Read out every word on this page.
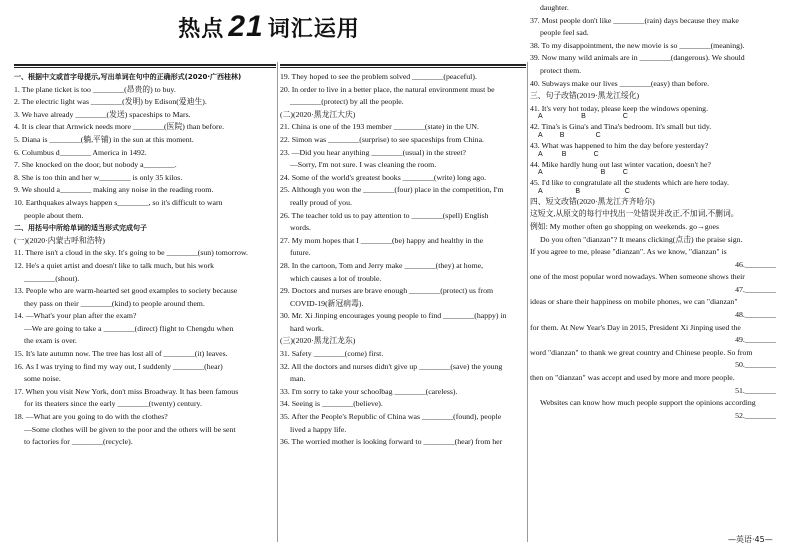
一、根据中文或首字母提示,写出单词在句中的正确形式(2020·广西桂林)
1. The plane ticket is too ________(昂贵的) to buy.
2. The electric light was ________(发明) by Edison(爱迪生).
3. We have already ________(发送) spaceships to Mars.
4. It is clear that Arnwick needs more ________(医院) than before.
5. Diana is ________(躺,平铺) in the sun at this moment.
6. Columbus d________ America in 1492.
7. She knocked on the door, but nobody a________.
8. She is too thin and her w________ is only 35 kilos.
9. We should a________ making any noise in the reading room.
10. Earthquakes always happen s________, so it's difficult to warn
people about them.
二、用括号中所给单词的适当形式完成句子
(一)(2020·内蒙古呼和浩特)
11. There isn't a cloud in the sky. It's going to be ________(sun) tomorrow.
12. He's a quiet artist and doesn't like to talk much, but his work
________(shout).
13. People who are warm-hearted set good examples to society because
they pass on their ________(kind) to people around them.
14. —What's your plan after the exam?
—We are going to take a ________(direct) flight to Chengdu when
the exam is over.
15. It's late autumn now. The tree has lost all of ________(it) leaves.
16. As I was trying to find my way out, I suddenly ________(hear)
some noise.
17. When you visit New York, don't miss Broadway. It has been famous
for its theaters since the early ________(twenty) century.
18. —What are you going to do with the clothes?
—Some clothes will be given to the poor and the others will be sent
to factories for ________(recycle).
19. They hoped to see the problem solved ________(peaceful).
20. In order to live in a better place, the natural environment must be
________(protect) by all the people.
(二)(2020·黑龙江大庆)
21. China is one of the 193 member ________(state) in the UN.
22. Simon was ________(surprise) to see spaceships from China.
23. —Did you hear anything ________(usual) in the street?
—Sorry, I'm not sure. I was cleaning the room.
24. Some of the world's greatest books ________(write) long ago.
25. Although you won the ________(four) place in the competition, I'm
really proud of you.
26. The teacher told us to pay attention to ________(spell) English
words.
27. My mom hopes that I ________(be) happy and healthy in the
future.
28. In the cartoon, Tom and Jerry make ________(they) at home,
which causes a lot of trouble.
29. Doctors and nurses are brave enough ________(protect) us from
COVID-19(新冠病毒).
30. Mr. Xi Jinping encourages young people to find ________(happy) in
hard work.
(三)(2020·黑龙江龙东)
31. Safety ________(come) first.
32. All the doctors and nurses didn't give up ________(save) the young
man.
33. I'm sorry to take your schoolbag ________(careless).
34. Seeing is ________(believe).
35. After the People's Republic of China was ________(found), people
lived a happy life.
36. The worried mother is looking forward to ________(hear) from her
daughter.
37. Most people don't like ________(rain) days because they make
people feel sad.
38. To my disappointment, the new movie is so ________(meaning).
39. Now many wild animals are in ________(dangerous). We should
protect them.
40. Subways make our lives ________(easy) than before.
三、句子改错(2019·黑龙江绥化)
41. It's very hot today, please keep the windows opening.
A                    B                   C
42. Tina's is Gina's and Tina's bedroom. It's small but tidy.
A         B                C
43. What was happened to him the day before yesterday?
A          B              C
44. Mike hardly hung out last winter vacation, doesn't he?
A                              B         C
45. I'd like to congratulate all the students which are here today.
A                 B                       C
四、短文改错(2020·黑龙江齐齐哈尔)
这短文,从原文的每行中找出一处错误并改正,不加词,不删词。
例如: My mother often go shopping on weekends. go→goes
Do you often "dianzan"? It means clicking(点击) the praise sign.
If you agree to me, please "dianzan". As we know, "dianzan" is
46.________
one of the most popular word nowadays. When someone shows their
47.________
ideas or share their happiness on mobile phones, we can "dianzan"
48.________
for them. At New Year's Day in 2015, President Xi Jinping used the
49.________
word "dianzan" to thank we great country and Chinese people. So from
50.________
then on "dianzan" was accept and used by more and more people.
51.________
Websites can know how much people support the opinions according
52.________
—英语·45—
热点 21 词汇运用
